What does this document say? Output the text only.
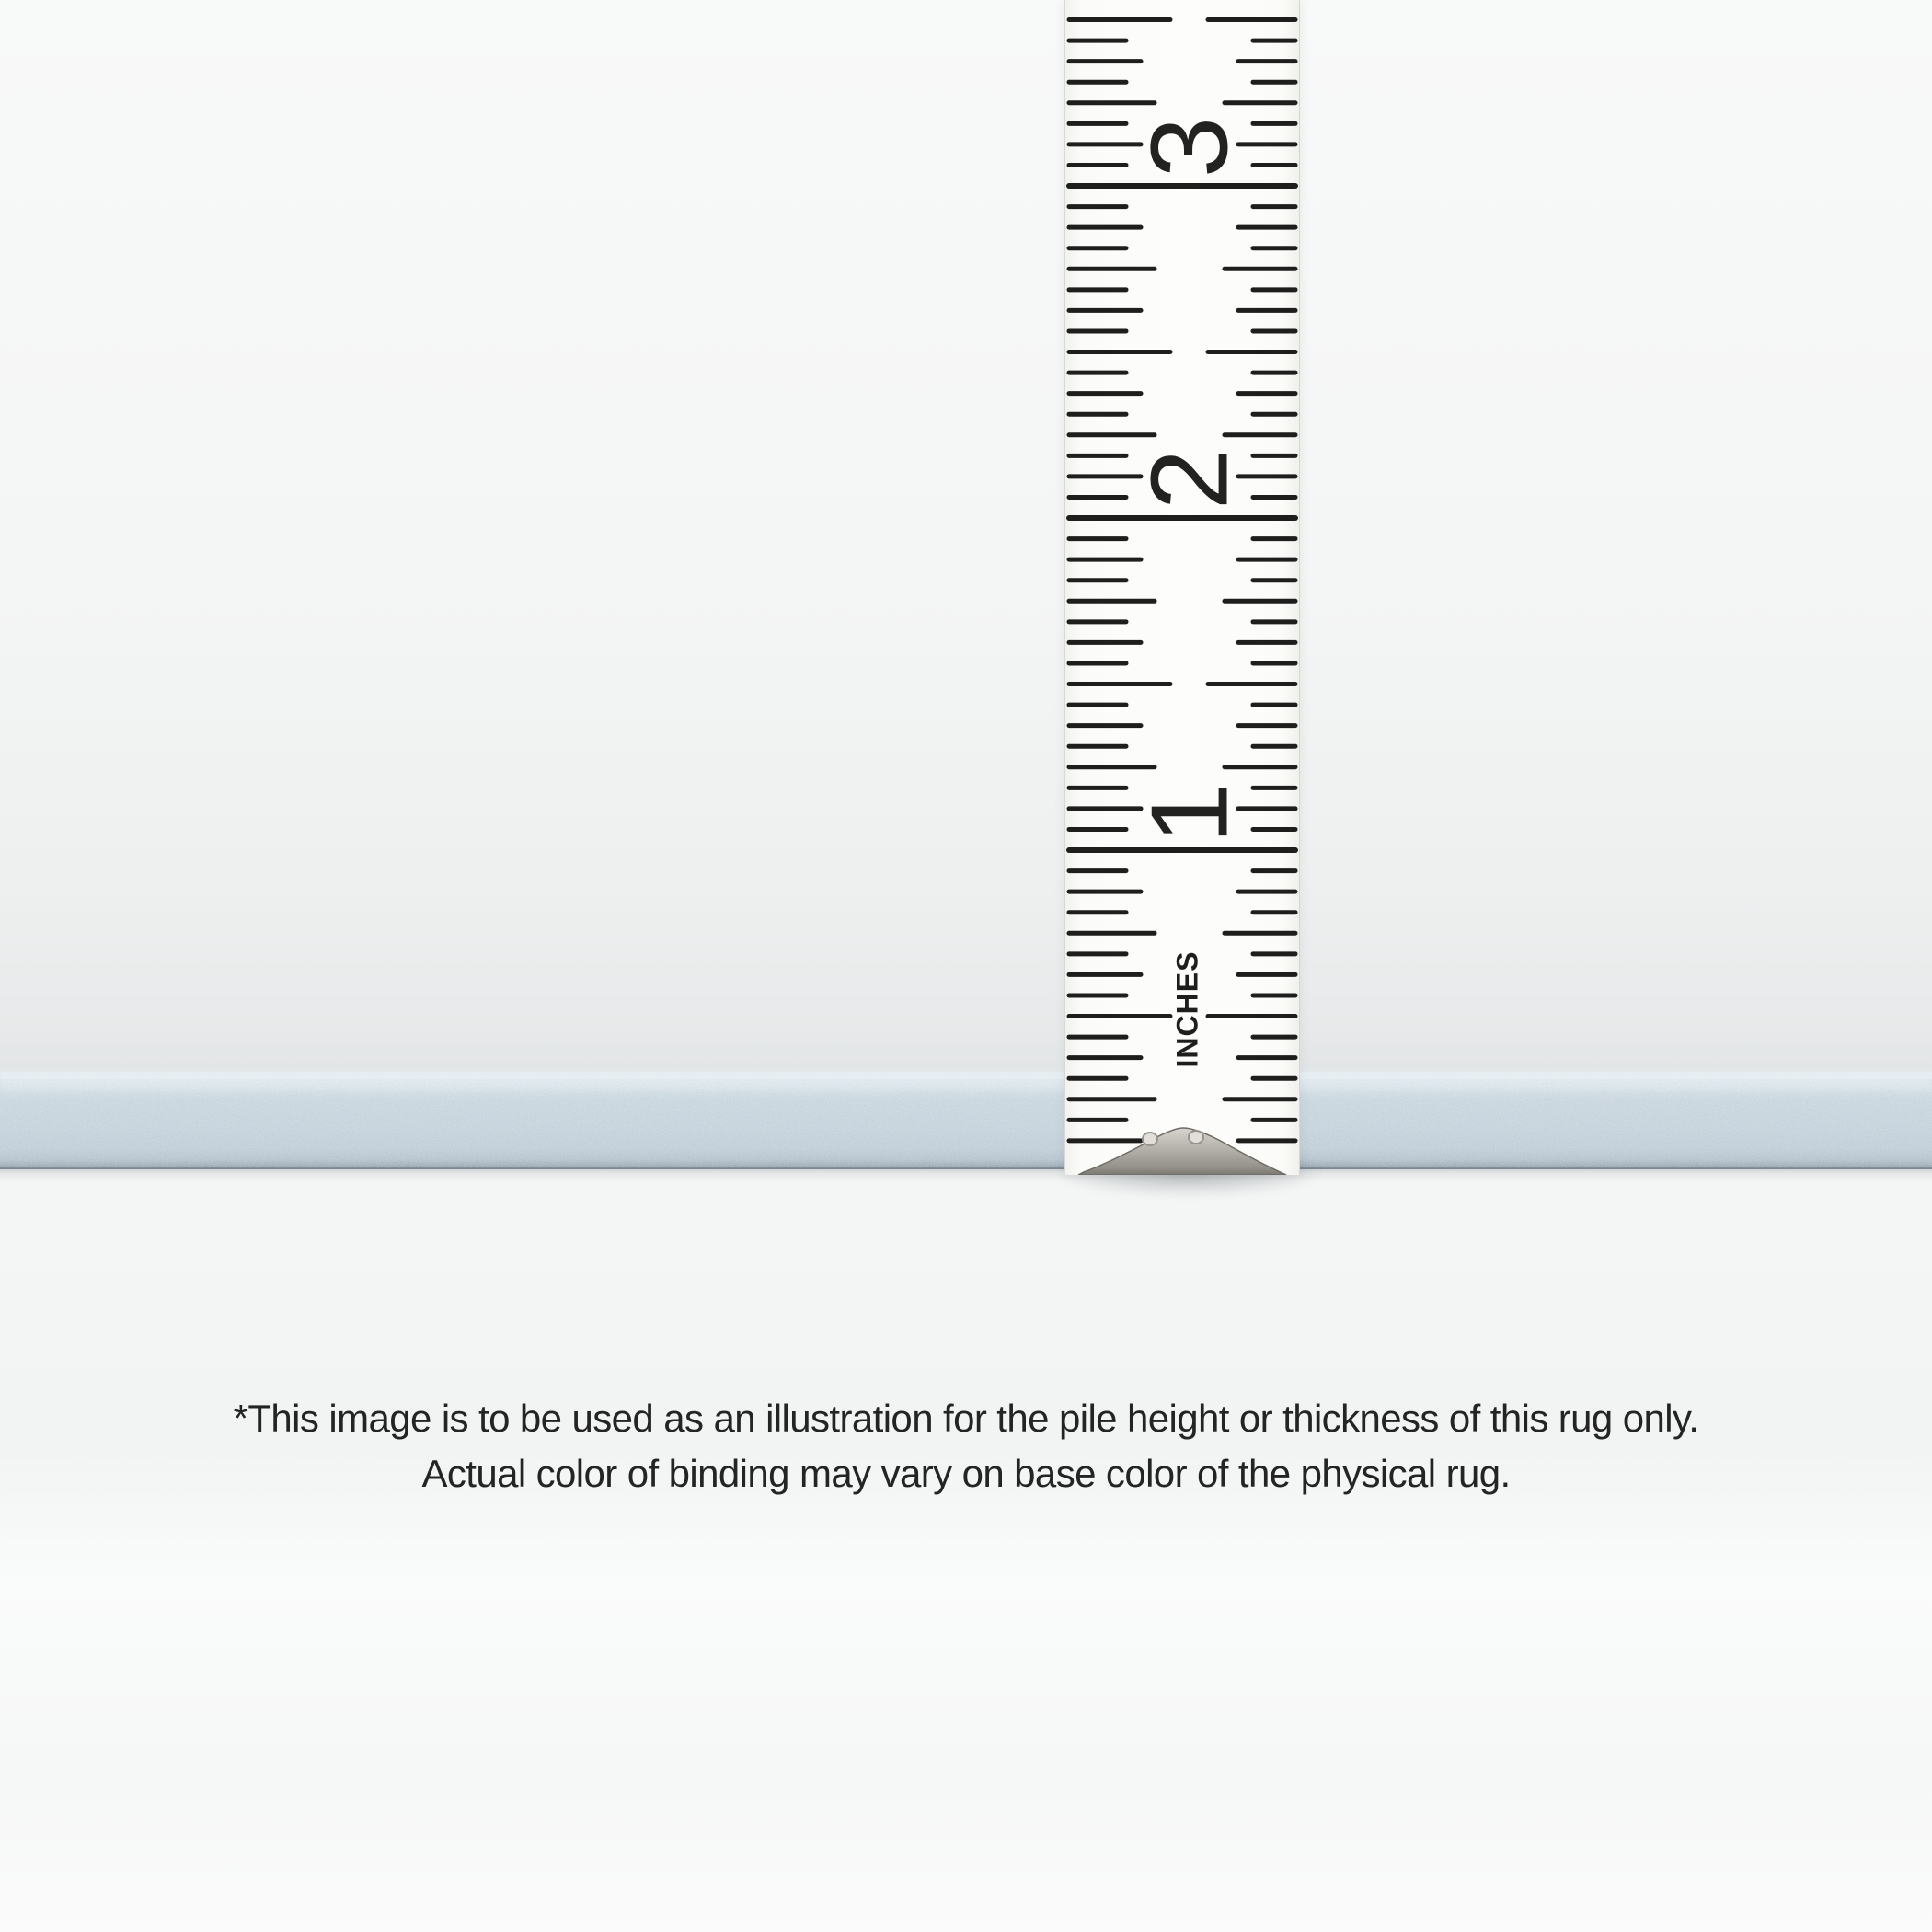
3
2
1
INCHES

*This image is to be used as an illustration for the pile height or thickness of this rug only.

Actual color of binding may vary on base color of the physical rug.
